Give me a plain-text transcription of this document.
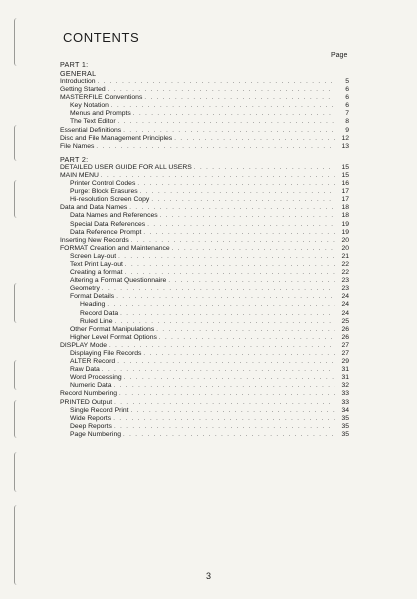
CONTENTS
Page
PART 1:
GENERAL
Introduction . . .	5
Getting Started . . .	6
MASTERFILE Conventions . . .	6
Key Notation . . .	6
Menus and Prompts . . .	7
The Text Editor . . .	8
Essential Definitions . . .	9
Disc and File Management Principles . . .	12
File Names . . .	13
PART 2:
DETAILED USER GUIDE FOR ALL USERS . . .	15
MAIN MENU . . .	15
Printer Control Codes . . .	16
Purge: Block Erasures . . .	17
Hi-resolution Screen Copy . . .	17
Data and Data Names . . .	18
Data Names and References . . .	18
Special Data References . . .	19
Data Reference Prompt . . .	19
Inserting New Records . . .	20
FORMAT Creation and Maintenance . . .	20
Screen Lay-out . . .	21
Text Print Lay-out . . .	22
Creating a format . . .	22
Altering a Format Questionnaire . . .	23
Geometry . . .	23
Format Details . . .	24
Heading . . .	24
Record Data . . .	24
Ruled Line . . .	25
Other Format Manipulations . . .	26
Higher Level Format Options . . .	26
DISPLAY Mode . . .	27
Displaying File Records . . .	27
ALTER Record . . .	29
Raw Data . . .	31
Word Processing . . .	31
Numeric Data . . .	32
Record Numbering . . .	33
PRINTED Output . . .	33
Single Record Print . . .	34
Wide Reports . . .	35
Deep Reports . . .	35
Page Numbering . . .	35
3
